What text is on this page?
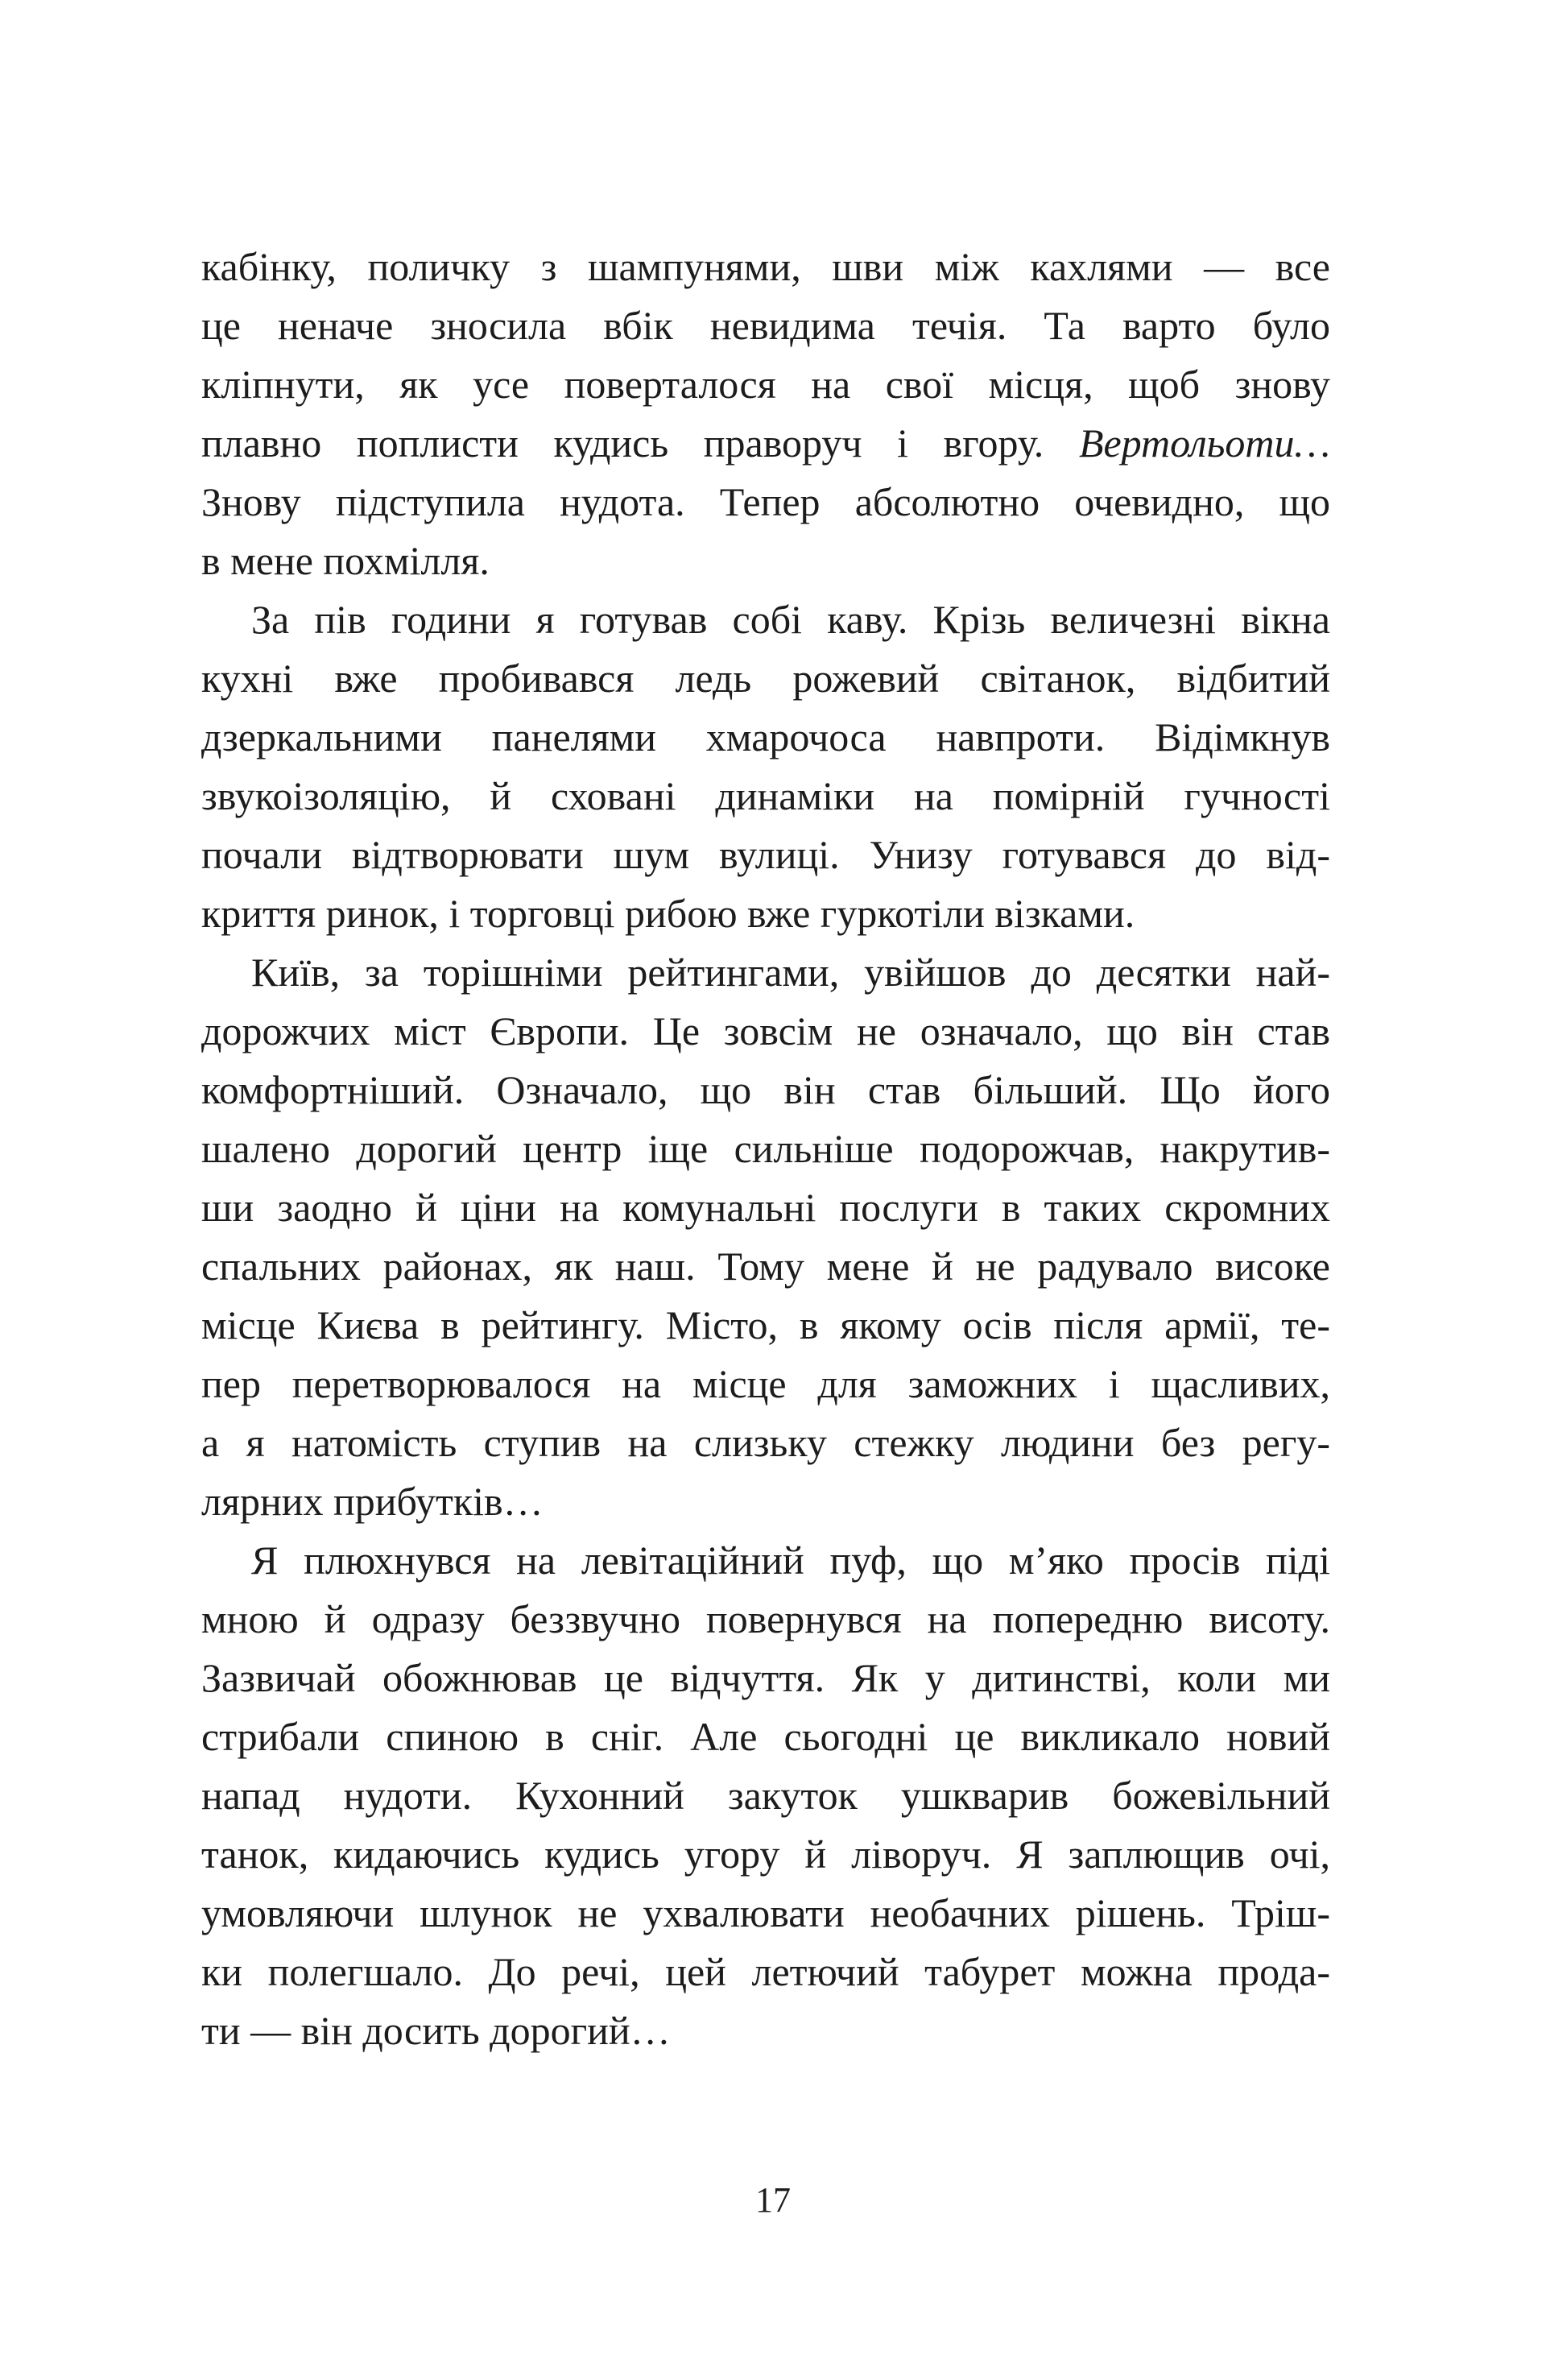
кабінку, поличку з шампунями, шви між кахлями — все
це неначе зносила вбік невидима течія. Та варто було
кліпнути, як усе поверталося на свої місця, щоб знову
плавно поплисти кудись праворуч і вгору. Вертольоти…
Знову підступила нудота. Тепер абсолютно очевидно, що
в мене похмілля.
За пів години я готував собі каву. Крізь величезні вікна
кухні вже пробивався ледь рожевий світанок, відбитий
дзеркальними панелями хмарочоса навпроти. Відімкнув
звукоізоляцію, й сховані динаміки на помірній гучності
почали відтворювати шум вулиці. Унизу готувався до від-
криття ринок, і торговці рибою вже гуркотіли візками.
Київ, за торішніми рейтингами, увійшов до десятки най-
дорожчих міст Європи. Це зовсім не означало, що він став
комфортніший. Означало, що він став більший. Що його
шалено дорогий центр іще сильніше подорожчав, накрутив-
ши заодно й ціни на комунальні послуги в таких скромних
спальних районах, як наш. Тому мене й не радувало високе
місце Києва в рейтингу. Місто, в якому осів після армії, те-
пер перетворювалося на місце для заможних і щасливих,
а я натомість ступив на слизьку стежку людини без регу-
лярних прибутків…
Я плюхнувся на левітаційний пуф, що м’яко просів піді
мною й одразу беззвучно повернувся на попередню висоту.
Зазвичай обожнював це відчуття. Як у дитинстві, коли ми
стрибали спиною в сніг. Але сьогодні це викликало новий
напад нудоти. Кухонний закуток ушкварив божевільний
танок, кидаючись кудись угору й ліворуч. Я заплющив очі,
умовляючи шлунок не ухвалювати необачних рішень. Тріш-
ки полегшало. До речі, цей летючий табурет можна прода-
ти — він досить дорогий…
17
